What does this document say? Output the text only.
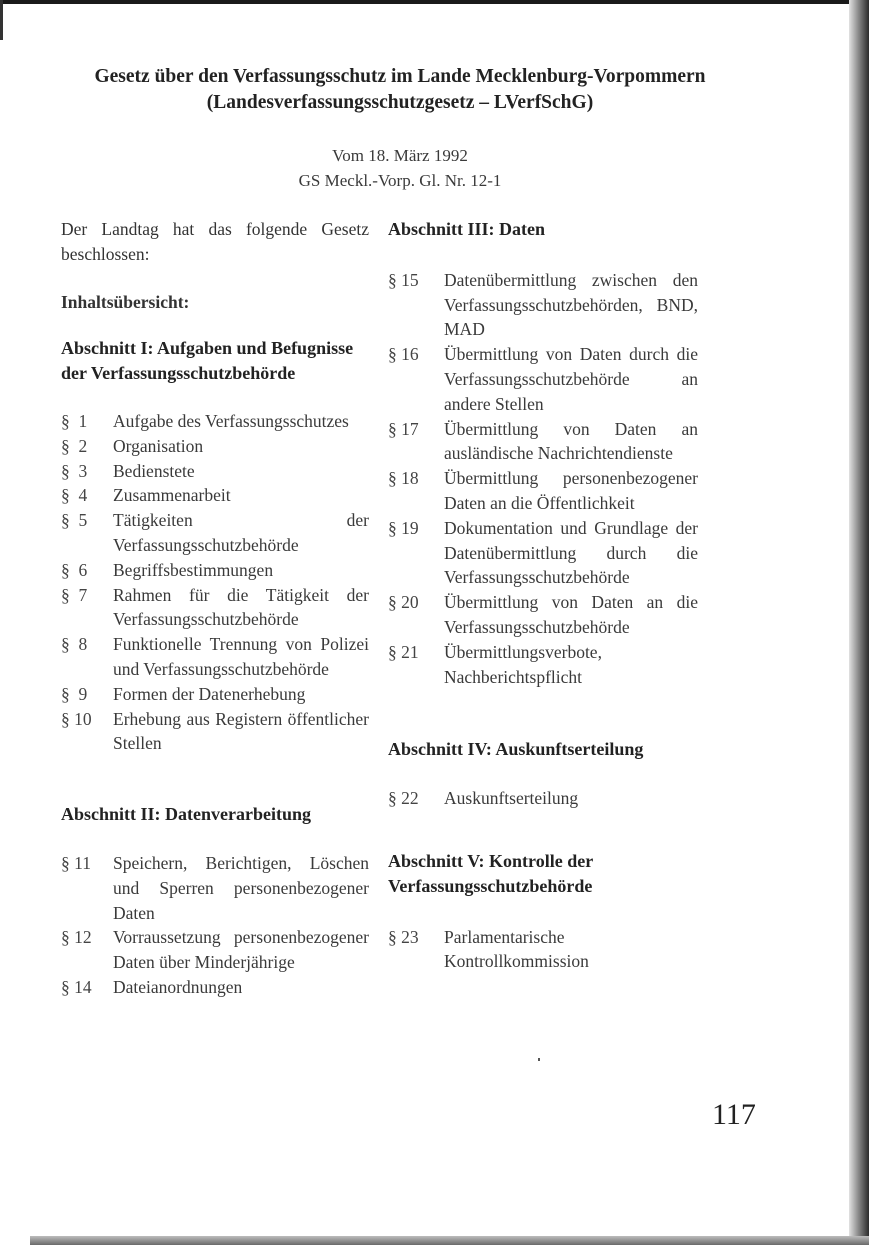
Gesetz über den Verfassungsschutz im Lande Mecklenburg-Vorpommern (Landesverfassungsschutzgesetz – LVerfSchG)
Vom 18. März 1992
GS Meckl.-Vorp. Gl. Nr. 12-1

Der Landtag hat das folgende Gesetz beschlossen:

Inhaltsübersicht:

Abschnitt I: Aufgaben und Befugnisse der Verfassungsschutzbehörde

§  1	Aufgabe des Verfassungsschutzes
§  2	Organisation
§  3	Bedienstete
§  4	Zusammenarbeit
§  5	Tätigkeiten der Verfassungsschutzbehörde
§  6	Begriffsbestimmungen
§  7	Rahmen für die Tätigkeit der Verfassungsschutzbehörde
§  8	Funktionelle Trennung von Polizei und Verfassungsschutzbehörde
§  9	Formen der Datenerhebung
§ 10	Erhebung aus Registern öffentlicher Stellen

Abschnitt II: Datenverarbeitung

§ 11	Speichern, Berichtigen, Löschen und Sperren personenbezogener Daten
§ 12	Vorraussetzung personenbezogener Daten über Minderjährige
§ 14	Dateianordnungen

Abschnitt III: Daten

§ 15	Datenübermittlung zwischen den Verfassungsschutzbehörden, BND, MAD
§ 16	Übermittlung von Daten durch die Verfassungsschutzbehörde an andere Stellen
§ 17	Übermittlung von Daten an ausländische Nachrichtendienste
§ 18	Übermittlung personenbezogener Daten an die Öffentlichkeit
§ 19	Dokumentation und Grundlage der Datenübermittlung durch die Verfassungsschutzbehörde
§ 20	Übermittlung von Daten an die Verfassungsschutzbehörde
§ 21	Übermittlungsverbote, Nachberichtspflicht

Abschnitt IV: Auskunftserteilung

§ 22	Auskunftserteilung

Abschnitt V: Kontrolle der Verfassungsschutzbehörde

§ 23	Parlamentarische Kontrollkommission
117
